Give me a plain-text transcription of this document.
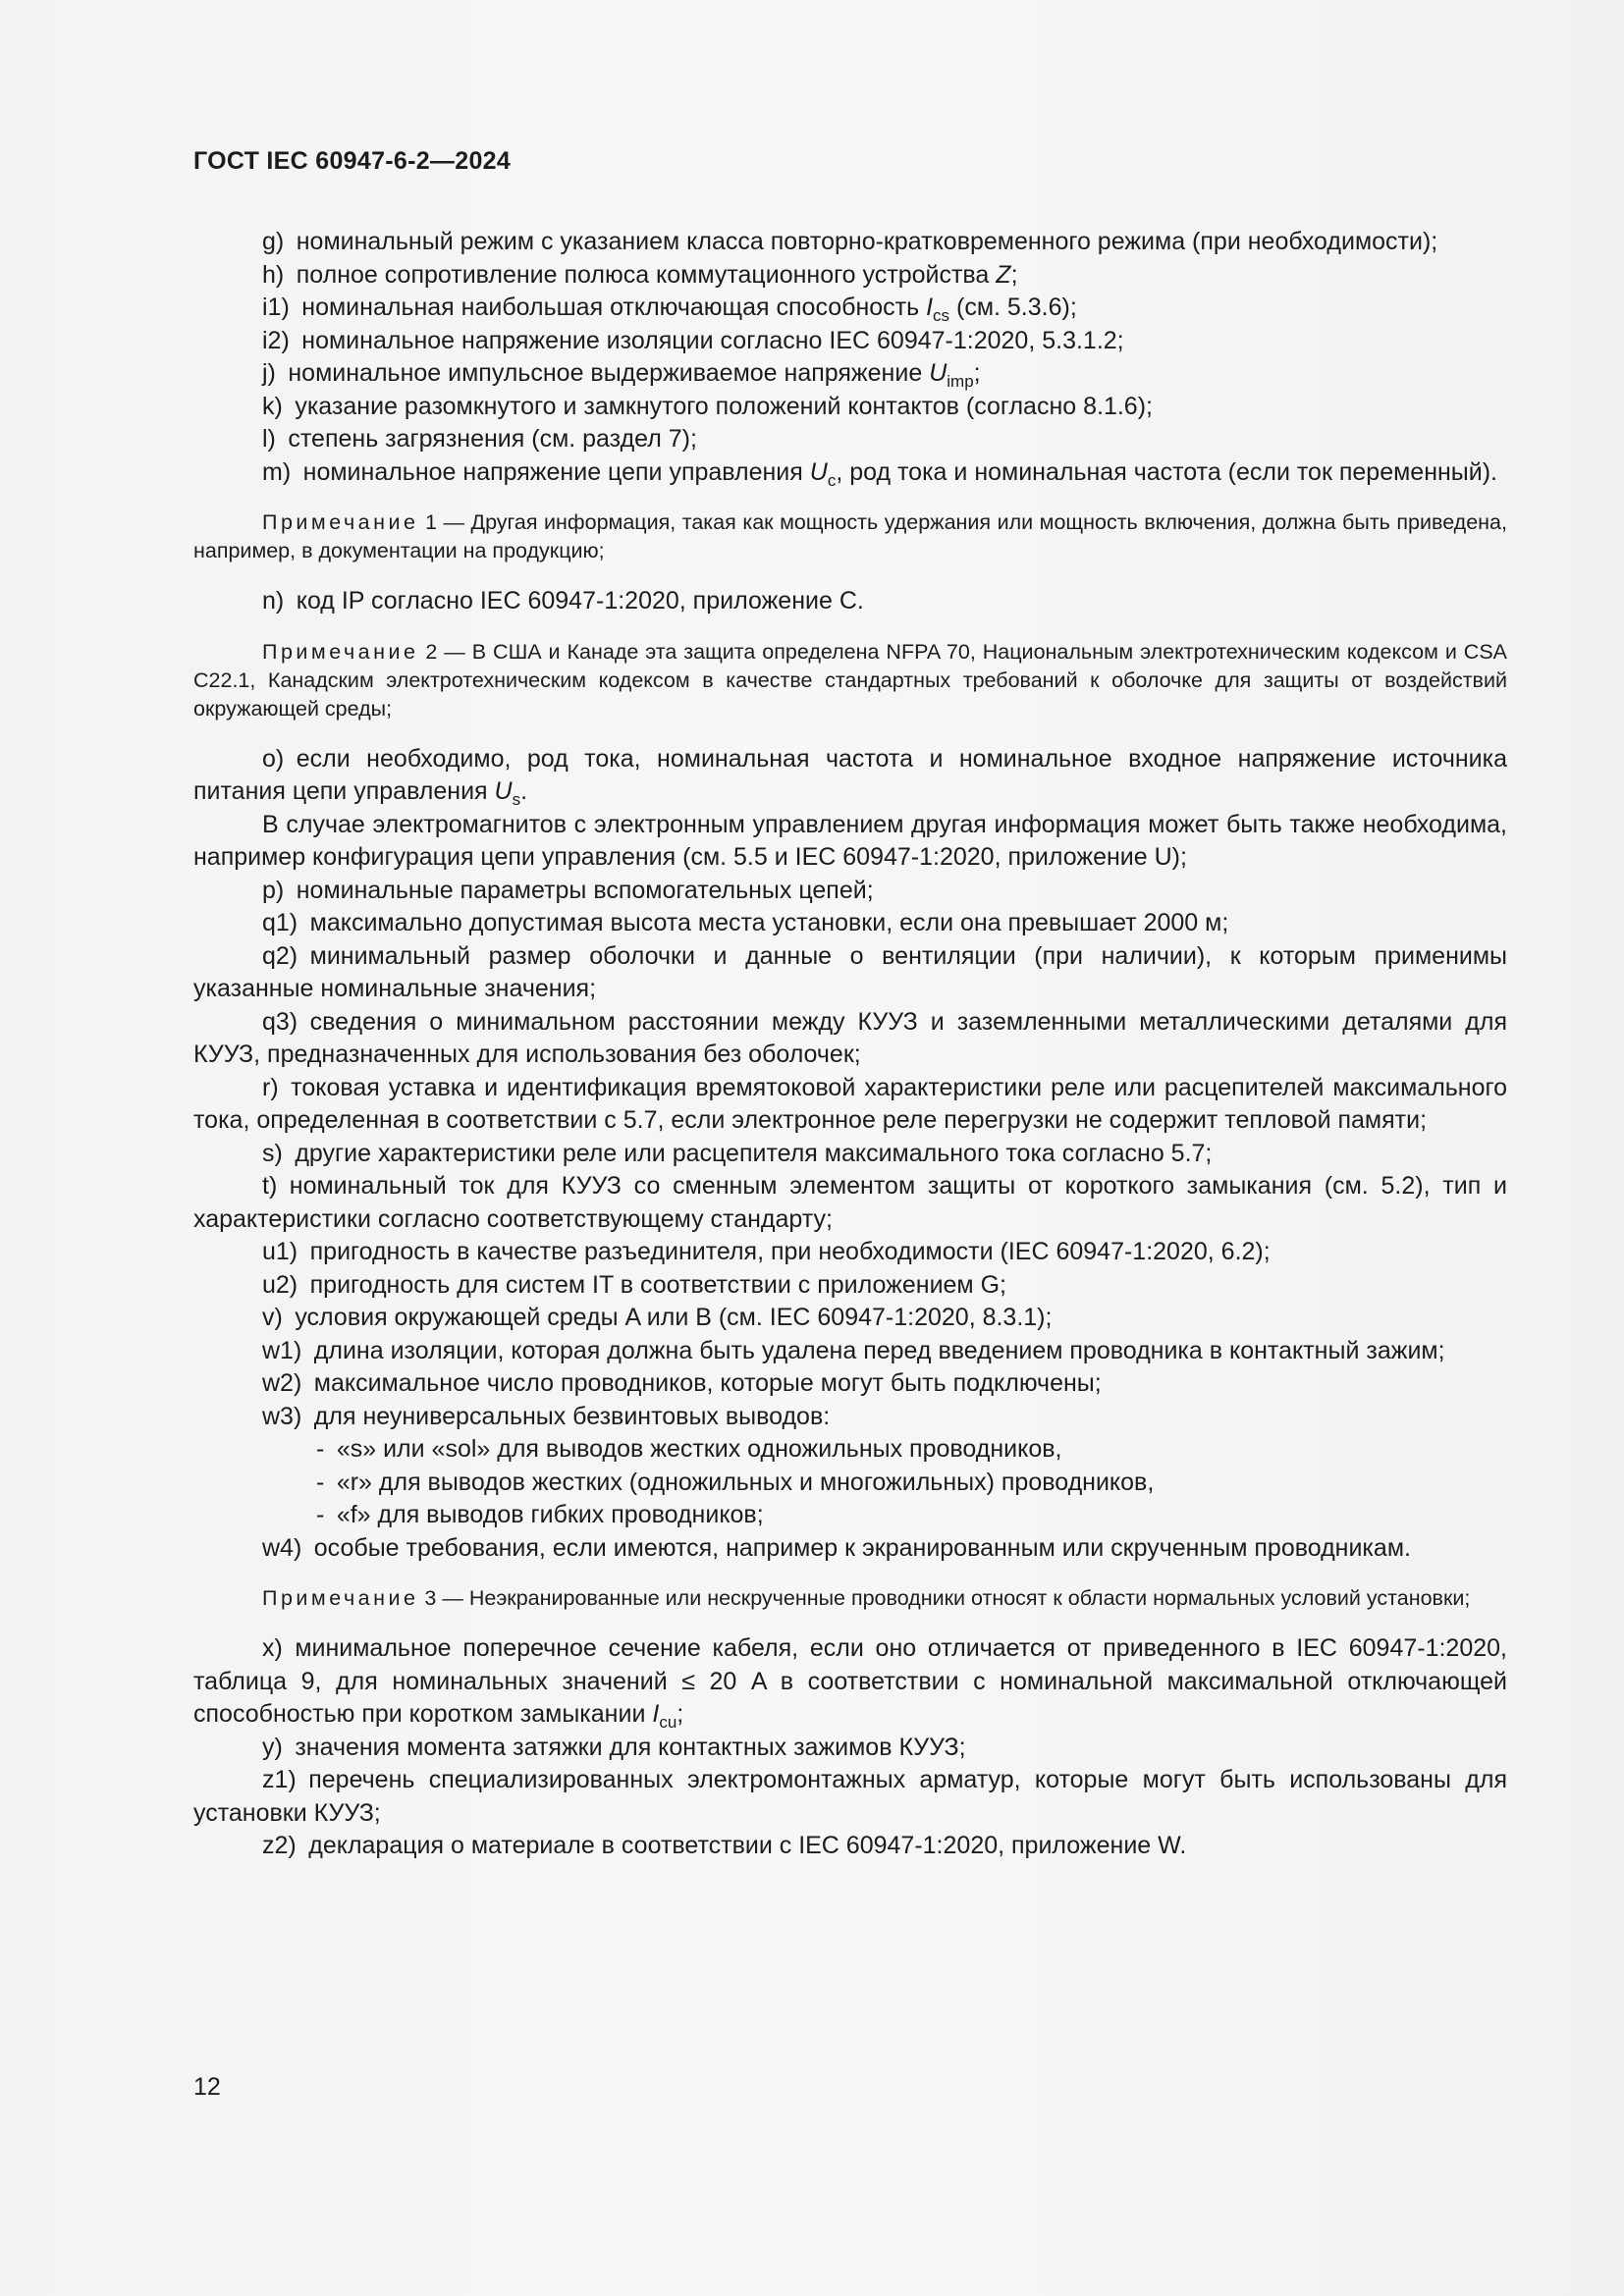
ГОСТ IEC 60947-6-2—2024

g) номинальный режим с указанием класса повторно-кратковременного режима (при необходимости);

h) полное сопротивление полюса коммутационного устройства Z;

i1) номинальная наибольшая отключающая способность $I_{cs}$ (см. 5.3.6);

i2) номинальное напряжение изоляции согласно IEC 60947-1:2020, 5.3.1.2;

j) номинальное импульсное выдерживаемое напряжение $U_{imp}$;

k) указание разомкнутого и замкнутого положений контактов (согласно 8.1.6);

l) степень загрязнения (см. раздел 7);

m) номинальное напряжение цепи управления $U_c$, род тока и номинальная частота (если ток переменный).

Примечание 1 — Другая информация, такая как мощность удержания или мощность включения, должна быть приведена, например, в документации на продукцию;

n) код IP согласно IEC 60947-1:2020, приложение C.

Примечание 2 — В США и Канаде эта защита определена NFPA 70, Национальным электротехническим кодексом и CSA C22.1, Канадским электротехническим кодексом в качестве стандартных требований к оболочке для защиты от воздействий окружающей среды;

o) если необходимо, род тока, номинальная частота и номинальное входное напряжение источника питания цепи управления $U_s$.

В случае электромагнитов с электронным управлением другая информация может быть также необходима, например конфигурация цепи управления (см. 5.5 и IEC 60947-1:2020, приложение U);

p) номинальные параметры вспомогательных цепей;

q1) максимально допустимая высота места установки, если она превышает 2000 м;

q2) минимальный размер оболочки и данные о вентиляции (при наличии), к которым применимы указанные номинальные значения;

q3) сведения о минимальном расстоянии между КУУЗ и заземленными металлическими деталями для КУУЗ, предназначенных для использования без оболочек;

r) токовая уставка и идентификация времятоковой характеристики реле или расцепителей максимального тока, определенная в соответствии с 5.7, если электронное реле перегрузки не содержит тепловой памяти;

s) другие характеристики реле или расцепителя максимального тока согласно 5.7;

t) номинальный ток для КУУЗ со сменным элементом защиты от короткого замыкания (см. 5.2), тип и характеристики согласно соответствующему стандарту;

u1) пригодность в качестве разъединителя, при необходимости (IEC 60947-1:2020, 6.2);

u2) пригодность для систем IT в соответствии с приложением G;

v) условия окружающей среды A или B (см. IEC 60947-1:2020, 8.3.1);

w1) длина изоляции, которая должна быть удалена перед введением проводника в контактный зажим;

w2) максимальное число проводников, которые могут быть подключены;

w3) для неуниверсальных безвинтовых выводов:

- «s» или «sol» для выводов жестких одножильных проводников,

- «r» для выводов жестких (одножильных и многожильных) проводников,

- «f» для выводов гибких проводников;

w4) особые требования, если имеются, например к экранированным или скрученным проводникам.

Примечание 3 — Неэкранированные или нескрученные проводники относят к области нормальных условий установки;

x) минимальное поперечное сечение кабеля, если оно отличается от приведенного в IEC 60947-1:2020, таблица 9, для номинальных значений ≤ 20 A в соответствии с номинальной максимальной отключающей способностью при коротком замыкании $I_{cu}$;

y) значения момента затяжки для контактных зажимов КУУЗ;

z1) перечень специализированных электромонтажных арматур, которые могут быть использованы для установки КУУЗ;

z2) декларация о материале в соответствии с IEC 60947-1:2020, приложение W.

12
